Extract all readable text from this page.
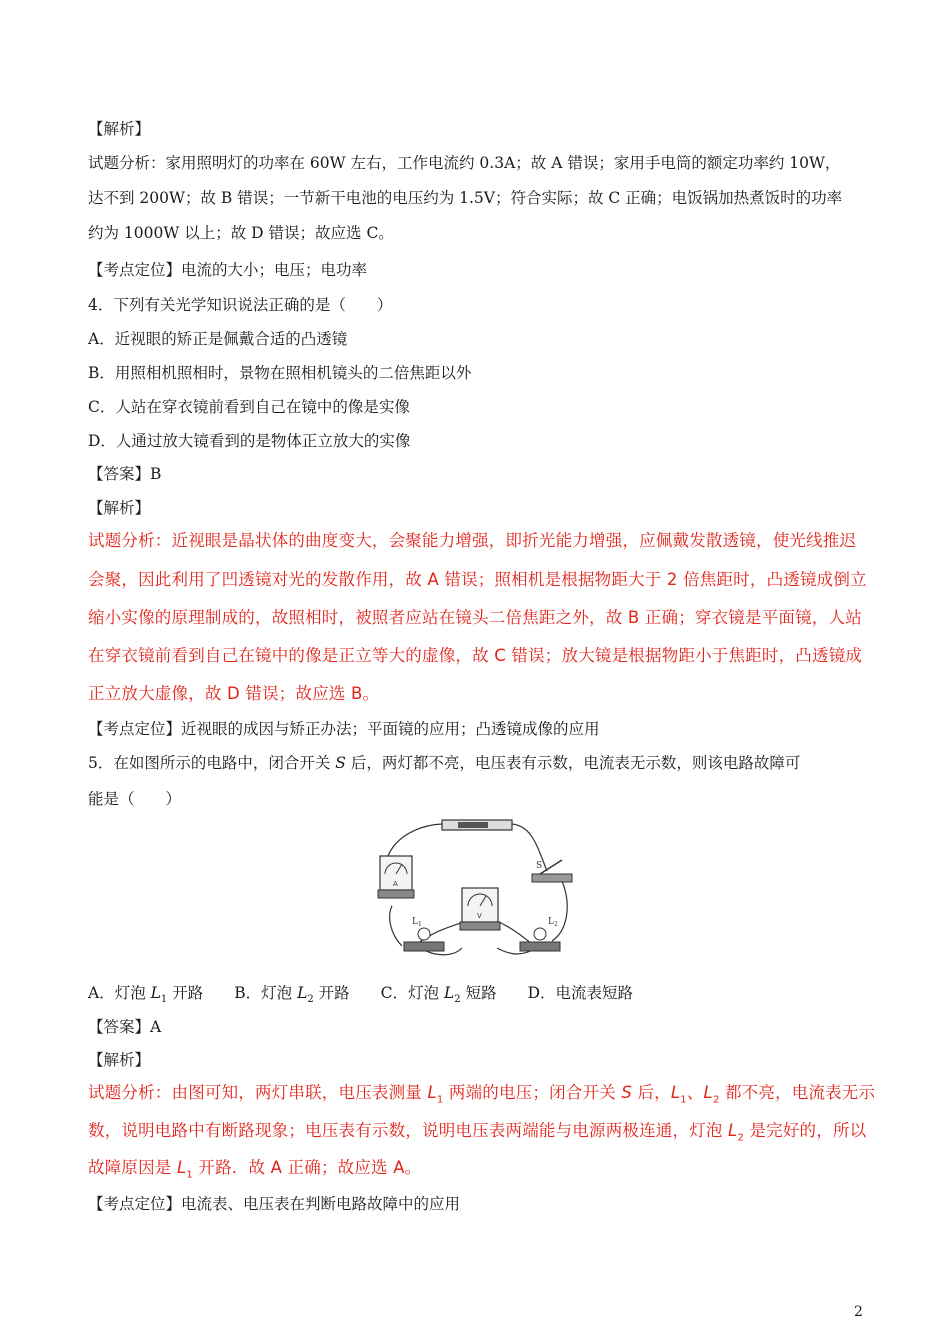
【解析】
试题分析：家用照明灯的功率在 60W 左右，工作电流约 0.3A；故 A 错误；家用手电筒的额定功率约 10W，
达不到 200W；故 B 错误；一节新干电池的电压约为 1.5V；符合实际；故 C 正确；电饭锅加热煮饭时的功率
约为 1000W 以上；故 D 错误；故应选 C。
【考点定位】电流的大小；电压；电功率
4．下列有关光学知识说法正确的是（　　）
A．近视眼的矫正是佩戴合适的凸透镜
B．用照相机照相时，景物在照相机镜头的二倍焦距以外
C．人站在穿衣镜前看到自己在镜中的像是实像
D．人通过放大镜看到的是物体正立放大的实像
【答案】B
【解析】
试题分析：近视眼是晶状体的曲度变大，会聚能力增强，即折光能力增强，应佩戴发散透镜，使光线推迟
会聚，因此利用了凹透镜对光的发散作用，故 A 错误；照相机是根据物距大于 2 倍焦距时，凸透镜成倒立
缩小实像的原理制成的，故照相时，被照者应站在镜头二倍焦距之外，故 B 正确；穿衣镜是平面镜，人站
在穿衣镜前看到自己在镜中的像是正立等大的虚像，故 C 错误；放大镜是根据物距小于焦距时，凸透镜成
正立放大虚像，故 D 错误；故应选 B。
【考点定位】近视眼的成因与矫正办法；平面镜的应用；凸透镜成像的应用
5．在如图所示的电路中，闭合开关 S 后，两灯都不亮，电压表有示数，电流表无示数，则该电路故障可
能是（　　）
A
V
S
$L_1$	$L_2$
A．灯泡 $L_1$ 开路   B．灯泡 $L_2$ 开路   C．灯泡 $L_2$ 短路   D．电流表短路
【答案】A
【解析】
试题分析：由图可知，两灯串联，电压表测量 $L_1$ 两端的电压；闭合开关 S 后，$L_1$、$L_2$ 都不亮，电流表无示
数，说明电路中有断路现象；电压表有示数，说明电压表两端能与电源两极连通，灯泡 $L_2$ 是完好的，所以
故障原因是 $L_1$ 开路．故 A 正确；故应选 A。
【考点定位】电流表、电压表在判断电路故障中的应用
2
